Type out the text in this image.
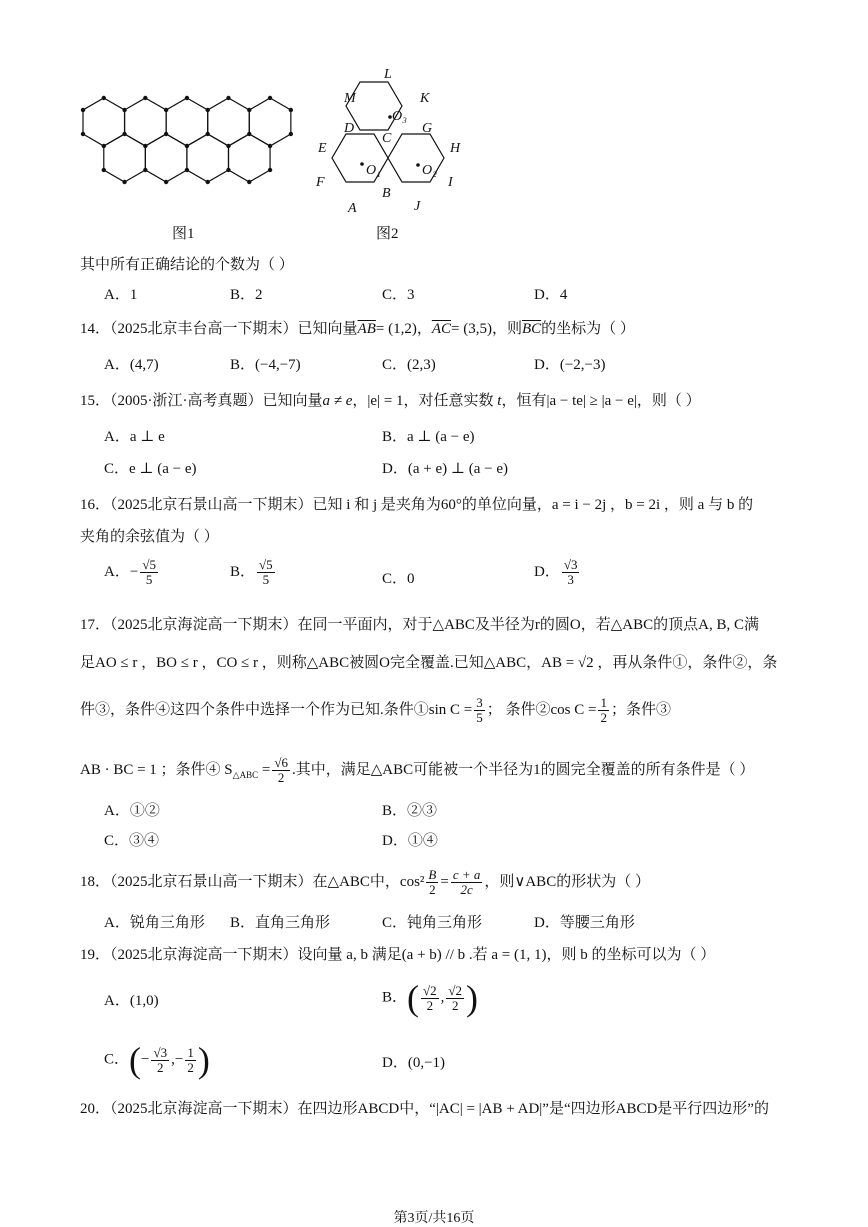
图1
L
M	K
D
O₃
G
C
E	H
O₁	O₂
F	I
B
A	J
图2
其中所有正确结论的个数为（ ）
A．1	B．2	C．3	D．4
14．（2025北京丰台高一下期末）已知向量$\overline{AB}= (1,2)$，$\overline{AC}= (3,5)$，则$\overline{BC}$的坐标为（ ）
A．(4,7)	B．(−4,−7)	C．(2,3)	D．(−2,−3)
15．（2005·浙江·高考真题）已知向量a ≠ e，|e| = 1，对任意实数 t，恒有|a − te| ≥ |a − e|，则（ ）
A．a ⊥ e	B．a ⊥ (a − e)
C．e ⊥ (a − e)	D．(a + e) ⊥ (a − e)
16．（2025北京石景山高一下期末）已知 i 和 j 是夹角为60°的单位向量，a = i − 2j ，b = 2i ，则 a 与 b 的
夹角的余弦值为（ ）
A．− $\frac{√5}{5}$	B． $\frac{√5}{5}$	C．0	D． $\frac{√3}{3}$
17．（2025北京海淀高一下期末）在同一平面内，对于△ABC及半径为r的圆O，若△ABC的顶点A, B, C满
足AO ≤ r ，BO ≤ r ，CO ≤ r ，则称△ABC被圆O完全覆盖.已知△ABC，AB = √2 ，再从条件①，条件②，条
件③，条件④这四个条件中选择一个作为已知.条件①sin $C = \frac{3}{5}$ ； 条件②cos $C = \frac{1}{2}$ ；条件③
AB · BC = 1 ；条件④ $S_{\triangle ABC} = \frac{√6}{2}$ .其中，满足△ABC可能被一个半径为1的圆完全覆盖的所有条件是（ ）
A．①②	B．②③
C．③④	D．①④
18．（2025北京石景山高一下期末）在△ABC中，$\cos^2 \frac{B}{2} = \frac{c + a}{2c}$ ，则∨ABC的形状为（ ）
A．锐角三角形 B．直角三角形	C．钝角三角形	D．等腰三角形
19．（2025北京海淀高一下期末）设向量 a, b 满足(a + b) // b .若 a = (1, 1)，则 b 的坐标可以为（ ）
A．(1,0)	B．( $\frac{√2}{2}$ , $\frac{√2}{2}$ )
C．(− $\frac{√3}{2}$ ,− $\frac{1}{2}$ )	D．(0,−1)
20．（2025北京海淀高一下期末）在四边形ABCD中，“|AC| = |AB + AD|”是“四边形ABCD是平行四边形”的
第3页/共16页
